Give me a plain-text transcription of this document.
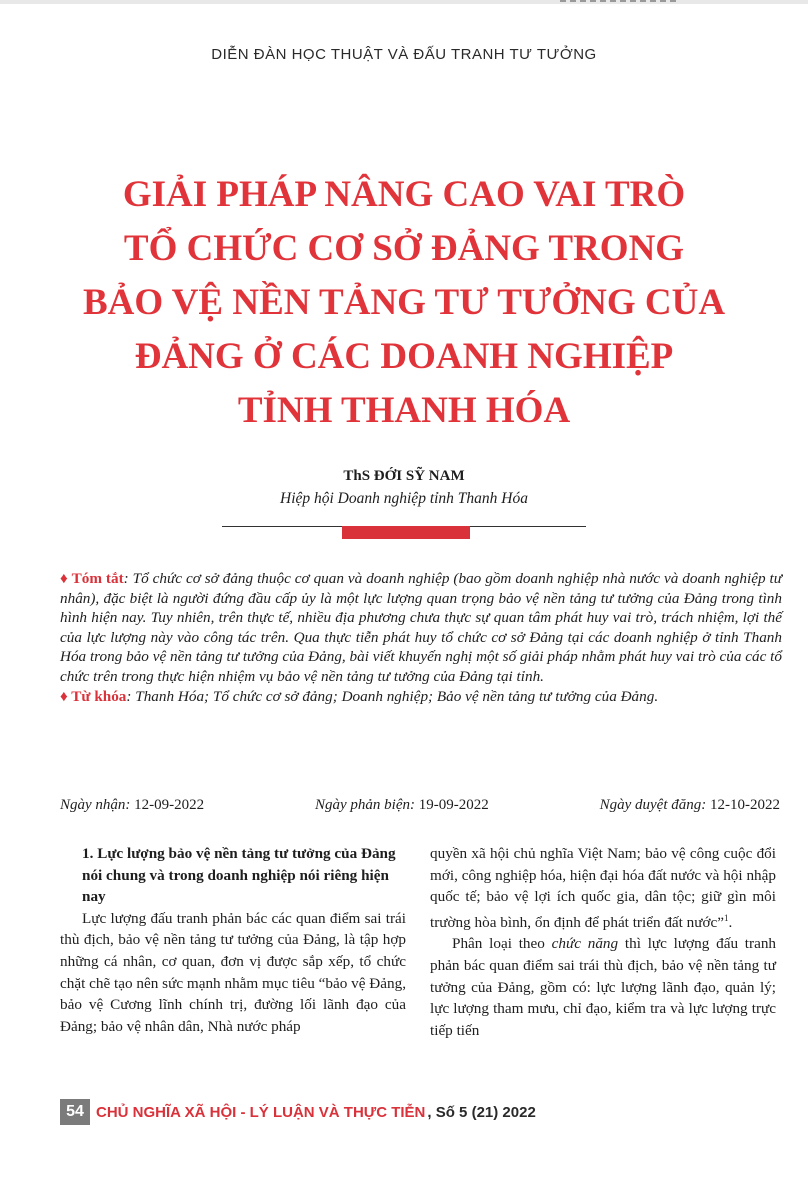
DIỄN ĐÀN HỌC THUẬT VÀ ĐẤU TRANH TƯ TƯỞNG
GIẢI PHÁP NÂNG CAO VAI TRÒ
TỔ CHỨC CƠ SỞ ĐẢNG TRONG
BẢO VỆ NỀN TẢNG TƯ TƯỞNG CỦA
ĐẢNG Ở CÁC DOANH NGHIỆP
TỈNH THANH HÓA
ThS ĐỚI SỸ NAM
Hiệp hội Doanh nghiệp tỉnh Thanh Hóa
♦ Tóm tắt: Tổ chức cơ sở đảng thuộc cơ quan và doanh nghiệp (bao gồm doanh nghiệp nhà nước và doanh nghiệp tư nhân), đặc biệt là người đứng đầu cấp ủy là một lực lượng quan trọng bảo vệ nền tảng tư tưởng của Đảng trong tình hình hiện nay. Tuy nhiên, trên thực tế, nhiều địa phương chưa thực sự quan tâm phát huy vai trò, trách nhiệm, lợi thế của lực lượng này vào công tác trên. Qua thực tiễn phát huy tổ chức cơ sở Đảng tại các doanh nghiệp ở tỉnh Thanh Hóa trong bảo vệ nền tảng tư tưởng của Đảng, bài viết khuyến nghị một số giải pháp nhằm phát huy vai trò của các tổ chức trên trong thực hiện nhiệm vụ bảo vệ nền tảng tư tưởng của Đảng tại tỉnh.
♦ Từ khóa: Thanh Hóa; Tổ chức cơ sở đảng; Doanh nghiệp; Bảo vệ nền tảng tư tưởng của Đảng.
Ngày nhận: 12-09-2022	Ngày phản biện: 19-09-2022	Ngày duyệt đăng: 12-10-2022

1. Lực lượng bảo vệ nền tảng tư tưởng của Đảng nói chung và trong doanh nghiệp nói riêng hiện nay

Lực lượng đấu tranh phản bác các quan điểm sai trái thù địch, bảo vệ nền tảng tư tưởng của Đảng, là tập hợp những cá nhân, cơ quan, đơn vị được sắp xếp, tổ chức chặt chẽ tạo nên sức mạnh nhằm mục tiêu “bảo vệ Đảng, bảo vệ Cương lĩnh chính trị, đường lối lãnh đạo của Đảng; bảo vệ nhân dân, Nhà nước pháp

quyền xã hội chủ nghĩa Việt Nam; bảo vệ công cuộc đổi mới, công nghiệp hóa, hiện đại hóa đất nước và hội nhập quốc tế; bảo vệ lợi ích quốc gia, dân tộc; giữ gìn môi trường hòa bình, ổn định để phát triển đất nước”$^1$.

Phân loại theo chức năng thì lực lượng đấu tranh phản bác quan điểm sai trái thù địch, bảo vệ nền tảng tư tưởng của Đảng, gồm có: lực lượng lãnh đạo, quản lý; lực lượng tham mưu, chỉ đạo, kiểm tra và lực lượng trực tiếp tiến

54 CHỦ NGHĨA XÃ HỘI - LÝ LUẬN VÀ THỰC TIỄN , Số 5 (21) 2022
